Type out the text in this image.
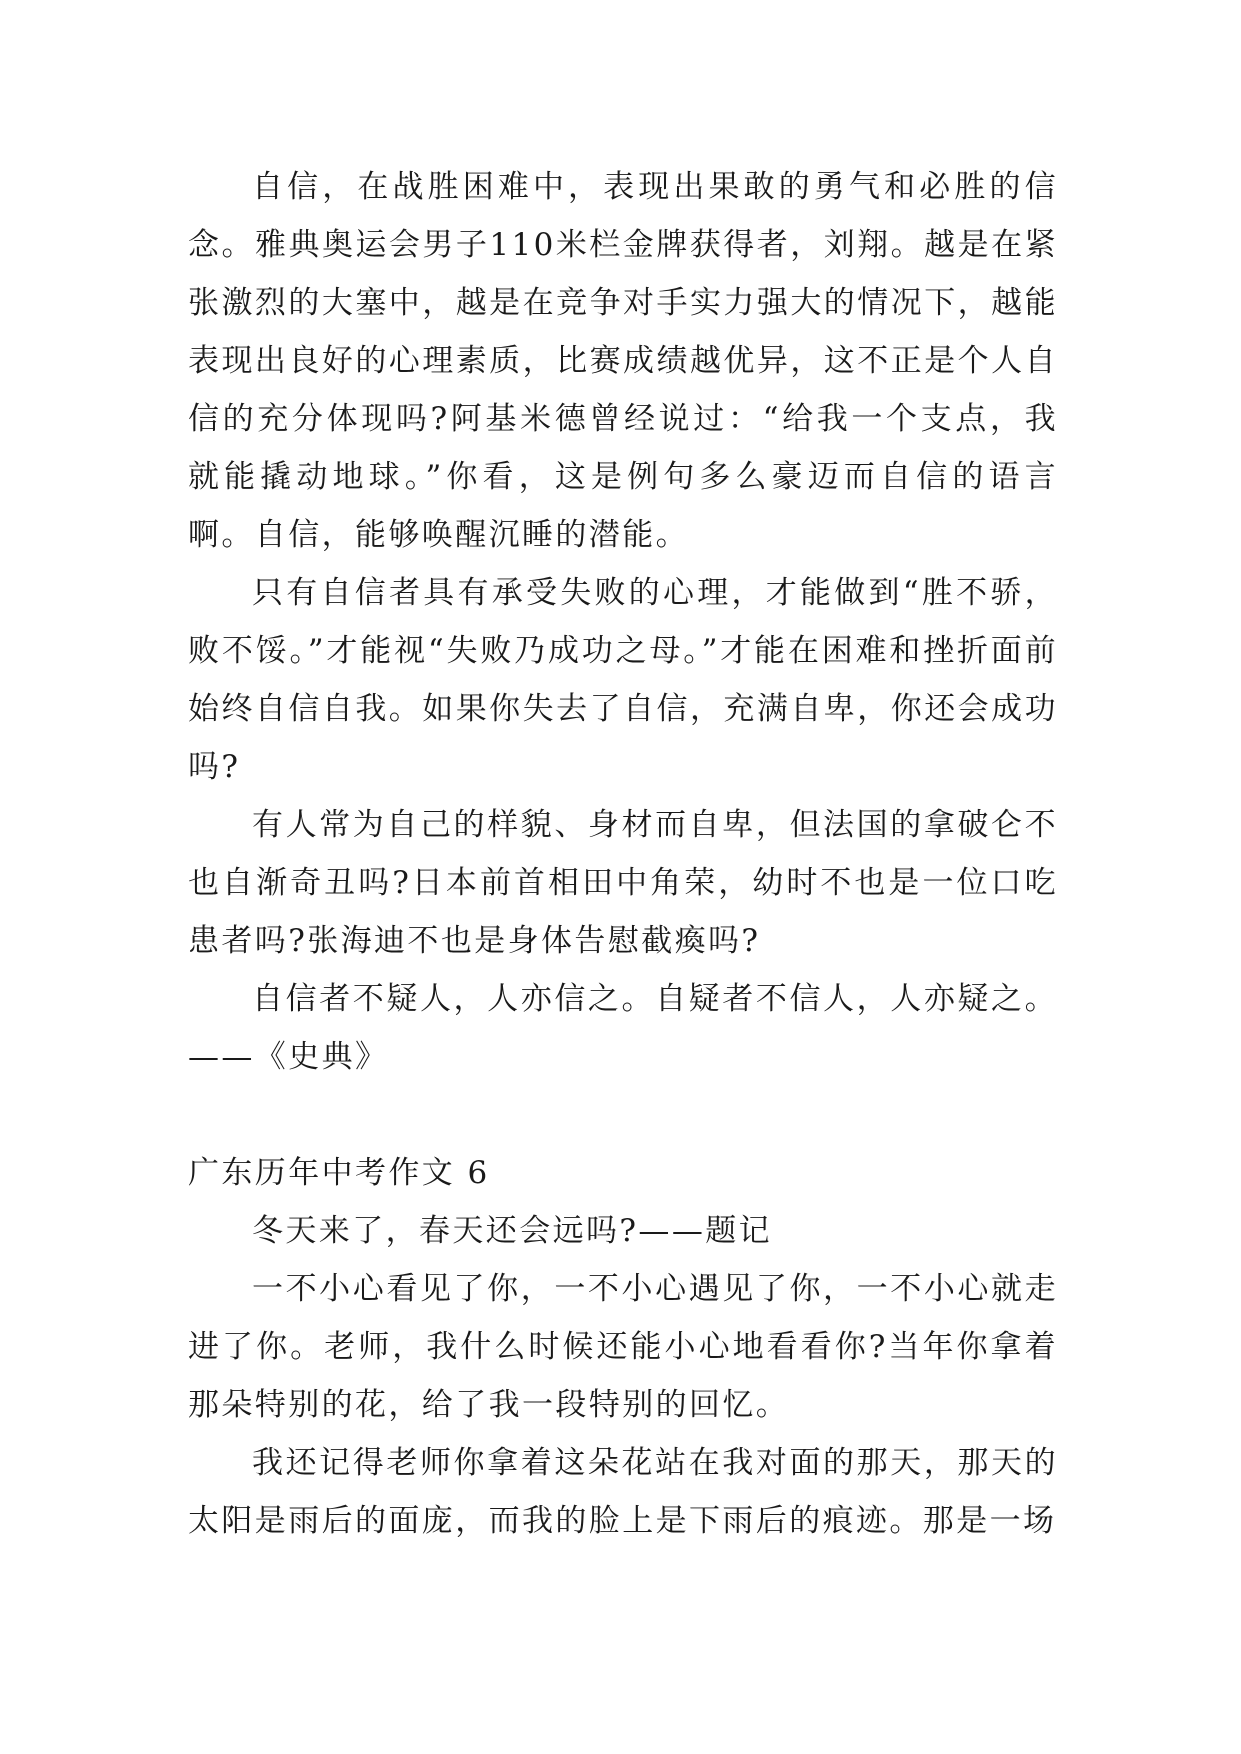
自信，在战胜困难中，表现出果敢的勇气和必胜的信念。雅典奥运会男子110米栏金牌获得者，刘翔。越是在紧张激烈的大塞中，越是在竞争对手实力强大的情况下，越能表现出良好的心理素质，比赛成绩越优异，这不正是个人自信的充分体现吗?阿基米德曾经说过：“给我一个支点，我就能撬动地球。”你看，这是例句多么豪迈而自信的语言啊。自信，能够唤醒沉睡的潜能。

只有自信者具有承受失败的心理，才能做到“胜不骄，败不馁。”才能视“失败乃成功之母。”才能在困难和挫折面前始终自信自我。如果你失去了自信，充满自卑，你还会成功吗?

有人常为自己的样貌、身材而自卑，但法国的拿破仑不也自渐奇丑吗?日本前首相田中角荣，幼时不也是一位口吃患者吗?张海迪不也是身体告慰截瘓吗?

自信者不疑人，人亦信之。自疑者不信人，人亦疑之。——《史典》

广东历年中考作文 6

冬天来了，春天还会远吗?——题记

一不小心看见了你，一不小心遇见了你，一不小心就走进了你。老师，我什么时候还能小心地看看你?当年你拿着那朵特别的花，给了我一段特别的回忆。

我还记得老师你拿着这朵花站在我对面的那天，那天的太阳是雨后的面庞，而我的脸上是下雨后的痕迹。那是一场
